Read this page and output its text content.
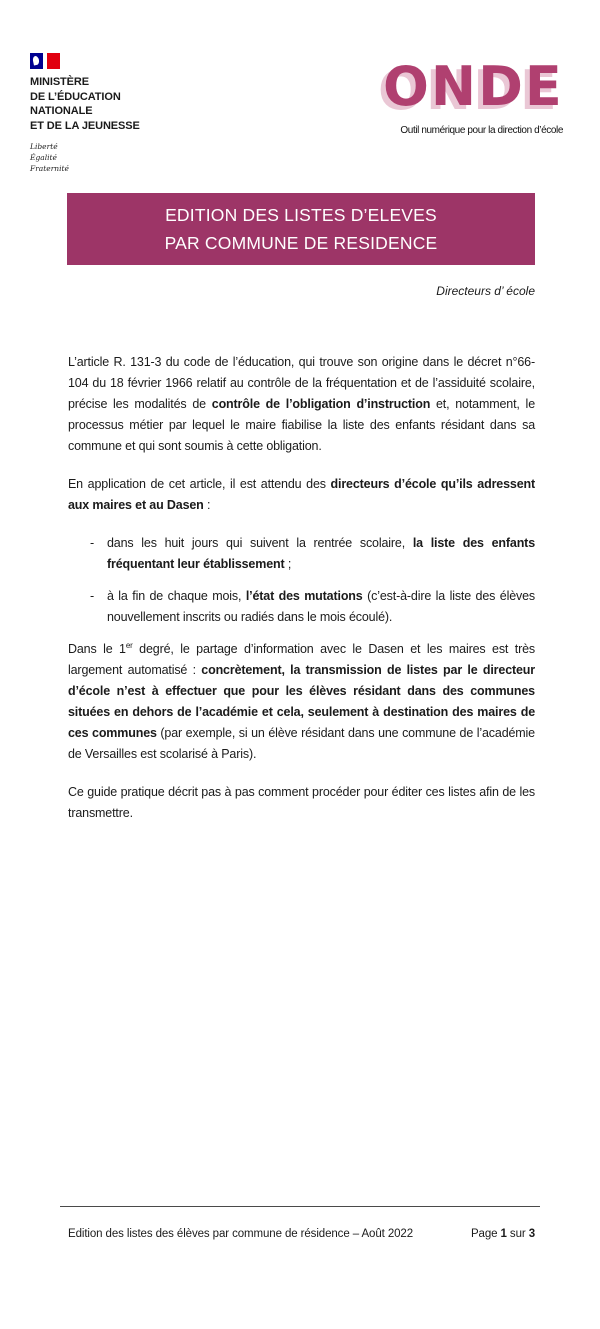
MINISTÈRE
DE L’ÉDUCATION
NATIONALE
ET DE LA JEUNESSE
Liberté
Égalité
Fraternité
ONDE
Outil numérique pour la direction d’école
EDITION DES LISTES D’ELEVES
PAR COMMUNE DE RESIDENCE
Directeurs d’ école

L’article R. 131-3 du code de l’éducation, qui trouve son origine dans le décret n°66-104 du 18 février 1966 relatif au contrôle de la fréquentation et de l’assiduité scolaire, précise les modalités de contrôle de l’obligation d’instruction et, notamment, le processus métier par lequel le maire fiabilise la liste des enfants résidant dans sa commune et qui sont soumis à cette obligation.

En application de cet article, il est attendu des directeurs d’école qu’ils adressent aux maires et au Dasen :

-	dans les huit jours qui suivent la rentrée scolaire, la liste des enfants fréquentant leur établissement ;
-	à la fin de chaque mois, l’état des mutations (c’est-à-dire la liste des élèves nouvellement inscrits ou radiés dans le mois écoulé).

Dans le 1er degré, le partage d’information avec le Dasen et les maires est très largement automatisé : concrètement, la transmission de listes par le directeur d’école n’est à effectuer que pour les élèves résidant dans des communes situées en dehors de l’académie et cela, seulement à destination des maires de ces communes (par exemple, si un élève résidant dans une commune de l’académie de Versailles est scolarisé à Paris).

Ce guide pratique décrit pas à pas comment procéder pour éditer ces listes afin de les transmettre.

Edition des listes des élèves par commune de résidence – Août 2022	Page 1 sur 3
